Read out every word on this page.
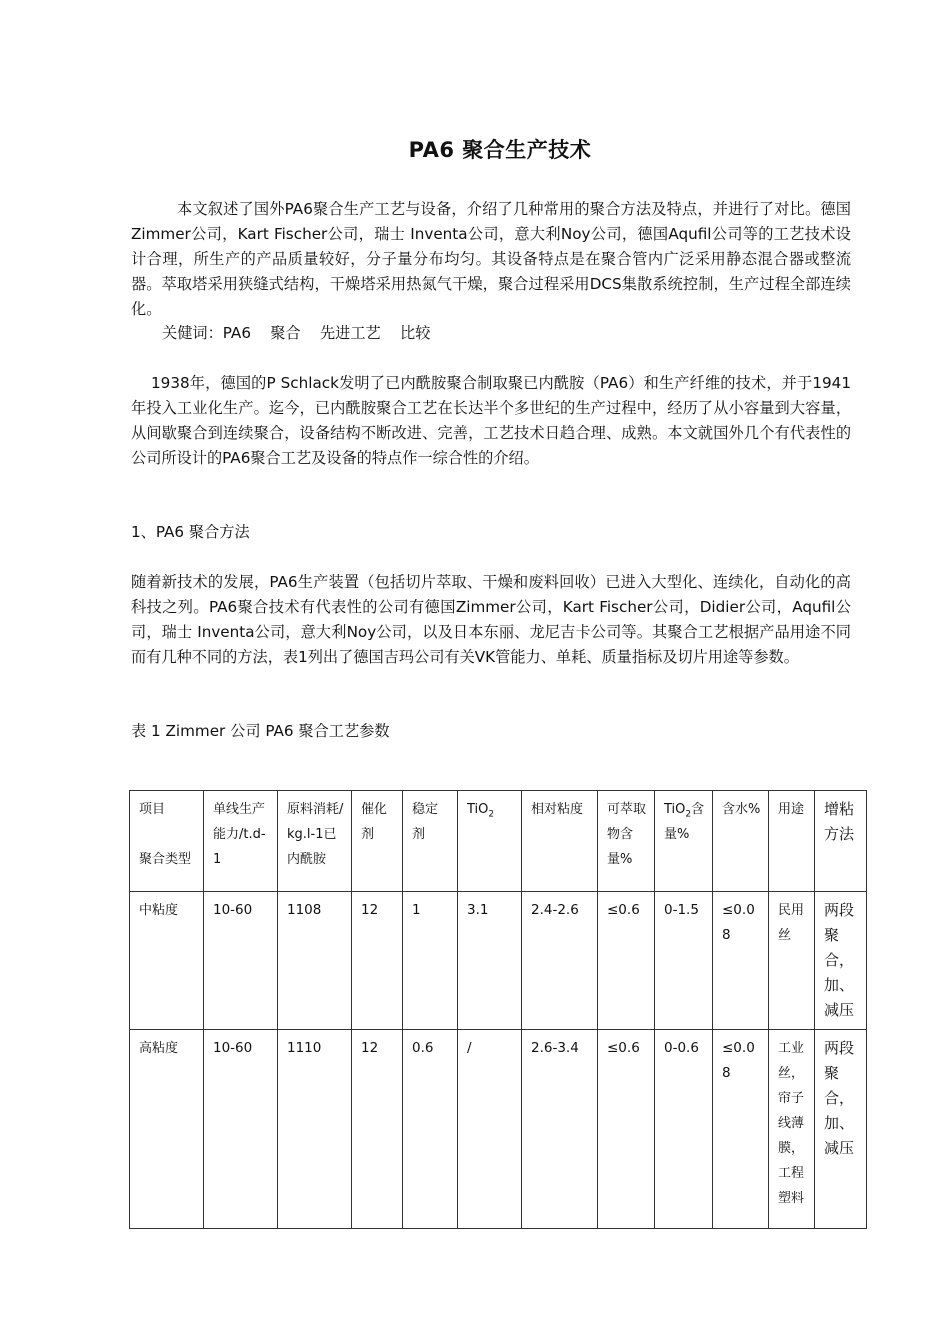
PA6 聚合生产技术
本文叙述了国外PA6聚合生产工艺与设备，介绍了几种常用的聚合方法及特点，并进行了对比。德国Zimmer公司，Kart Fischer公司，瑞士 Inventa公司，意大利Noy公司，德国Aqufil公司等的工艺技术设计合理，所生产的产品质量较好，分子量分布均匀。其设备特点是在聚合管内广泛采用静态混合器或整流器。萃取塔采用狭缝式结构，干燥塔采用热氮气干燥，聚合过程采用DCS集散系统控制，生产过程全部连续化。
关健词：PA6    聚合    先进工艺    比较
1938年，德国的P Schlack发明了已内酰胺聚合制取聚已内酰胺（PA6）和生产纤维的技术，并于1941年投入工业化生产。迄今，已内酰胺聚合工艺在长达半个多世纪的生产过程中，经历了从小容量到大容量，从间歇聚合到连续聚合，设备结构不断改进、完善，工艺技术日趋合理、成熟。本文就国外几个有代表性的公司所设计的PA6聚合工艺及设备的特点作一综合性的介绍。
1、PA6 聚合方法
随着新技术的发展，PA6生产装置（包括切片萃取、干燥和废料回收）已进入大型化、连续化，自动化的高科技之列。PA6聚合技术有代表性的公司有德国Zimmer公司，Kart Fischer公司，Didier公司，Aqufil公司，瑞士 Inventa公司，意大利Noy公司，以及日本东丽、龙尼吉卡公司等。其聚合工艺根据产品用途不同而有几种不同的方法，表1列出了德国吉玛公司有关VK管能力、单耗、质量指标及切片用途等参数。
表 1 Zimmer 公司 PA6 聚合工艺参数
项目
聚合类型	单线生产能力/t.d-1	原料消耗/kg.l-1已内酰胺	催化剂	稳定剂	TiO$_2$	相对粘度	可萃取物含量%	TiO$_2$含量%	含水%	用途	增粘方法
中粘度	10-60	1108	12	1	3.1	2.4-2.6	≤0.6	0-1.5	≤0.08	民用丝	两段聚合，加、减压
高粘度	10-60	1110	12	0.6	/	2.6-3.4	≤0.6	0-0.6	≤0.08	工业丝，帘子线薄膜，工程塑料	两段聚合，加、减压
